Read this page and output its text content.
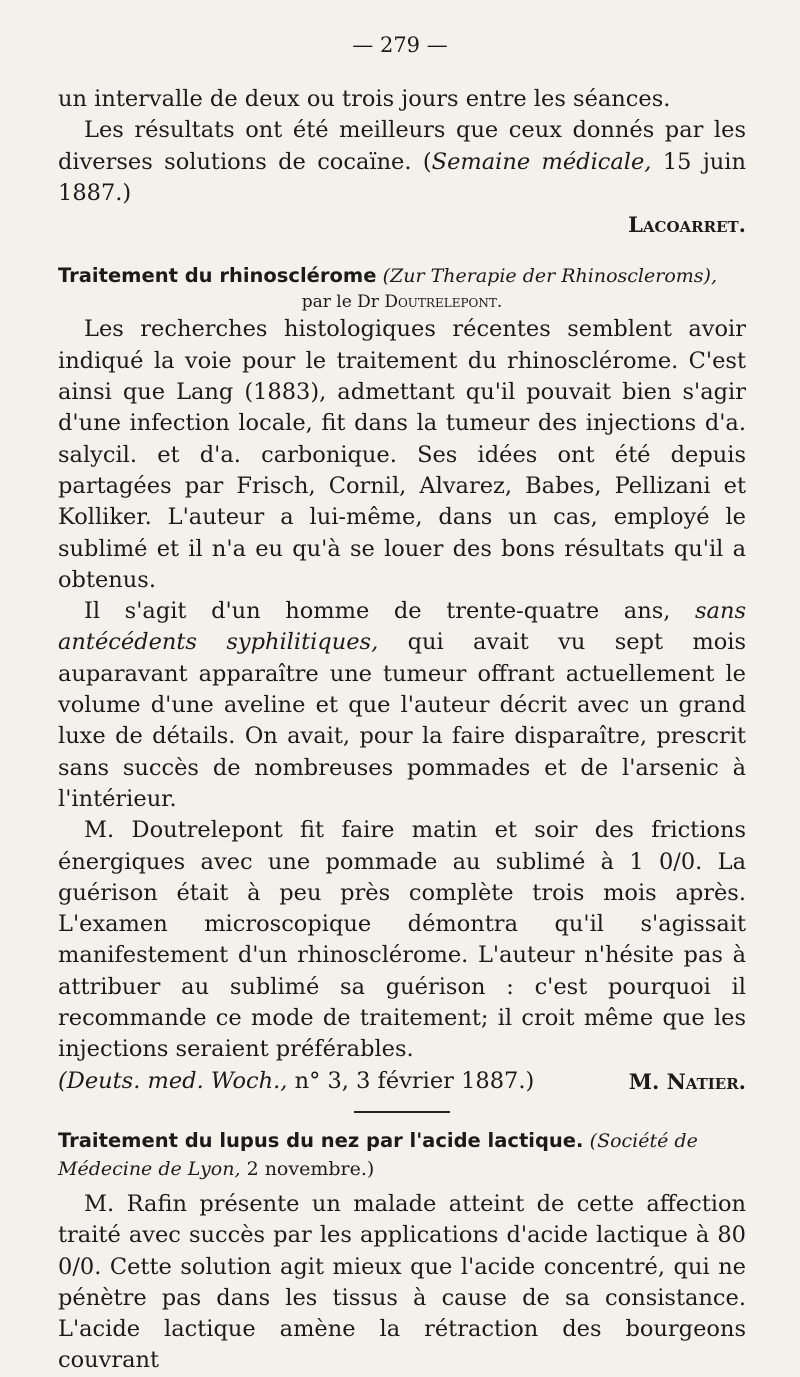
— 279 —

un intervalle de deux ou trois jours entre les séances.

Les résultats ont été meilleurs que ceux donnés par les diverses solutions de cocaïne. (Semaine médicale, 15 juin 1887.)

Lacoarret.
Traitement du rhinosclérome (Zur Therapie der Rhinoscleroms),
par le Dr Doutrelepont.

Les recherches histologiques récentes semblent avoir indiqué la voie pour le traitement du rhinosclérome. C'est ainsi que Lang (1883), admettant qu'il pouvait bien s'agir d'une infection locale, fit dans la tumeur des injections d'a. salycil. et d'a. carbonique. Ses idées ont été depuis partagées par Frisch, Cornil, Alvarez, Babes, Pellizani et Kolliker. L'auteur a lui-même, dans un cas, employé le sublimé et il n'a eu qu'à se louer des bons résultats qu'il a obtenus.

Il s'agit d'un homme de trente-quatre ans, sans antécédents syphilitiques, qui avait vu sept mois auparavant apparaître une tumeur offrant actuellement le volume d'une aveline et que l'auteur décrit avec un grand luxe de détails. On avait, pour la faire disparaître, prescrit sans succès de nombreuses pommades et de l'arsenic à l'intérieur.

M. Doutrelepont fit faire matin et soir des frictions énergiques avec une pommade au sublimé à 1 0/0. La guérison était à peu près complète trois mois après. L'examen microscopique démontra qu'il s'agissait manifestement d'un rhinosclérome. L'auteur n'hésite pas à attribuer au sublimé sa guérison : c'est pourquoi il recommande ce mode de traitement; il croit même que les injections seraient préférables.

(Deuts. med. Woch., n° 3, 3 février 1887.)	M. Natier.
Traitement du lupus du nez par l'acide lactique. (Société de Médecine de Lyon, 2 novembre.)

M. Rafin présente un malade atteint de cette affection traité avec succès par les applications d'acide lactique à 80 0/0. Cette solution agit mieux que l'acide concentré, qui ne pénètre pas dans les tissus à cause de sa consistance. L'acide lactique amène la rétraction des bourgeons couvrant
